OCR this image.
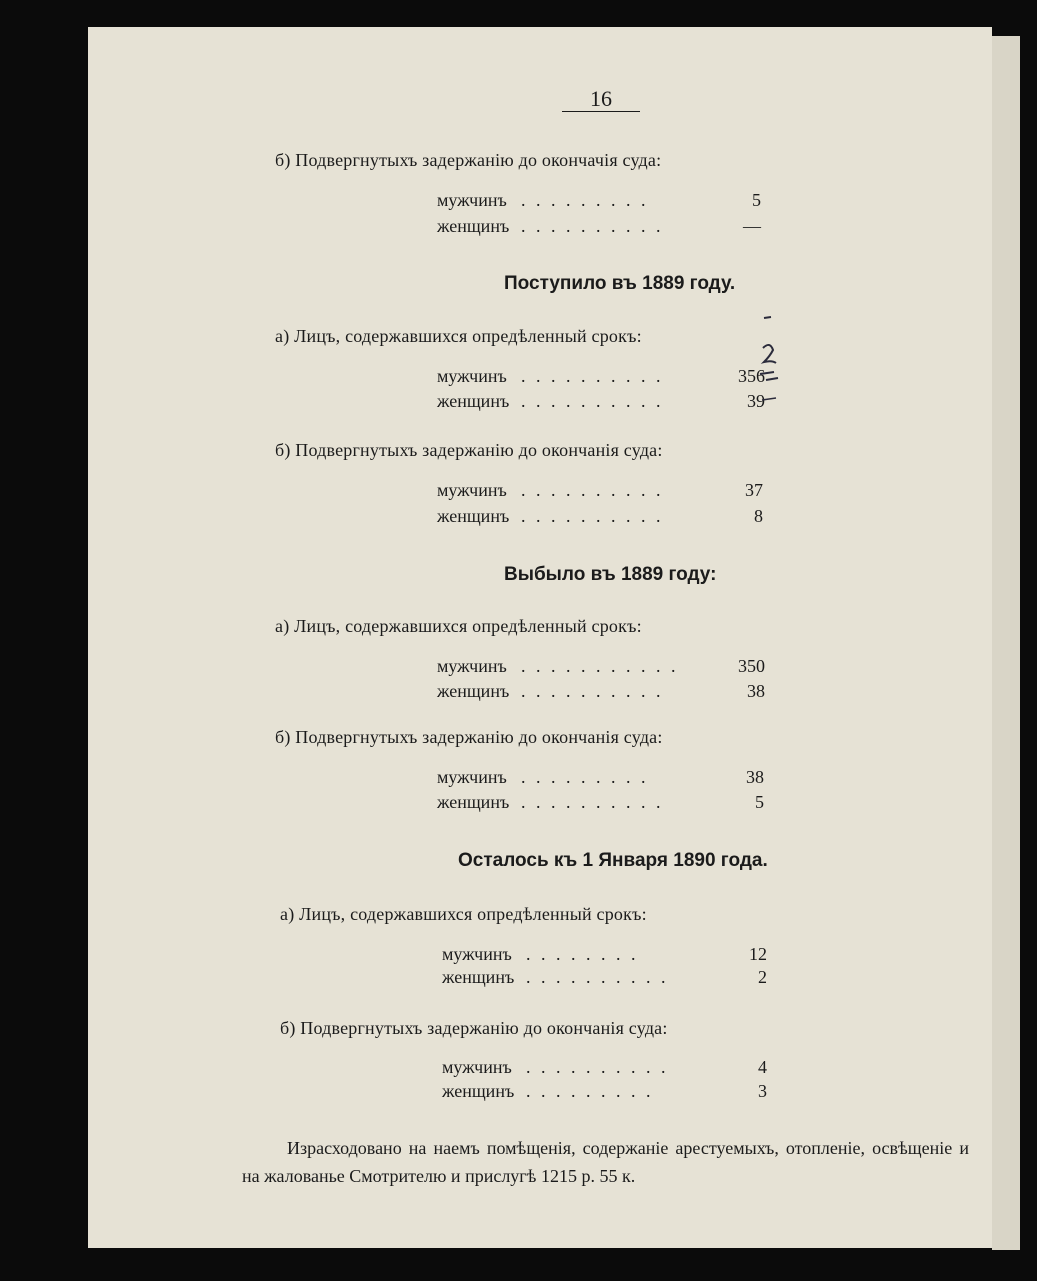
16
б) Подвергнутыхъ задержанію до окончачія суда:
мужчинъ . . . . . . . . .	5
женщинъ . . . . . . . . . .	—
Поступило въ 1889 году.
а) Лицъ, содержавшихся опредѣленный срокъ:
мужчинъ . . . . . . . . . .	356
женщинъ . . . . . . . . . .	39
б) Подвергнутыхъ задержанію до окончанія суда:
мужчинъ . . . . . . . . . .	37
женщинъ . . . . . . . . . .	8
Выбыло въ 1889 году:
а) Лицъ, содержавшихся опредѣленный срокъ:
мужчинъ . . . . . . . . . . .	350
женщинъ . . . . . . . . . .	38
б) Подвергнутыхъ задержанію до окончанія суда:
мужчинъ . . . . . . . . .	38
женщинъ . . . . . . . . . .	5
Осталось къ 1 Января 1890 года.
а) Лицъ, содержавшихся опредѣленный срокъ:
мужчинъ . . . . . . . .	12
женщинъ . . . . . . . . . .	2
б) Подвергнутыхъ задержанію до окончанія суда:
мужчинъ . . . . . . . . . .	4
женщинъ . . . . . . . . .	3
Израсходовано на наемъ помѣщенія, содержаніе арестуемыхъ, отопленіе, освѣщеніе и на жалованье Смотрителю и прислугѣ 1215 р. 55 к.
